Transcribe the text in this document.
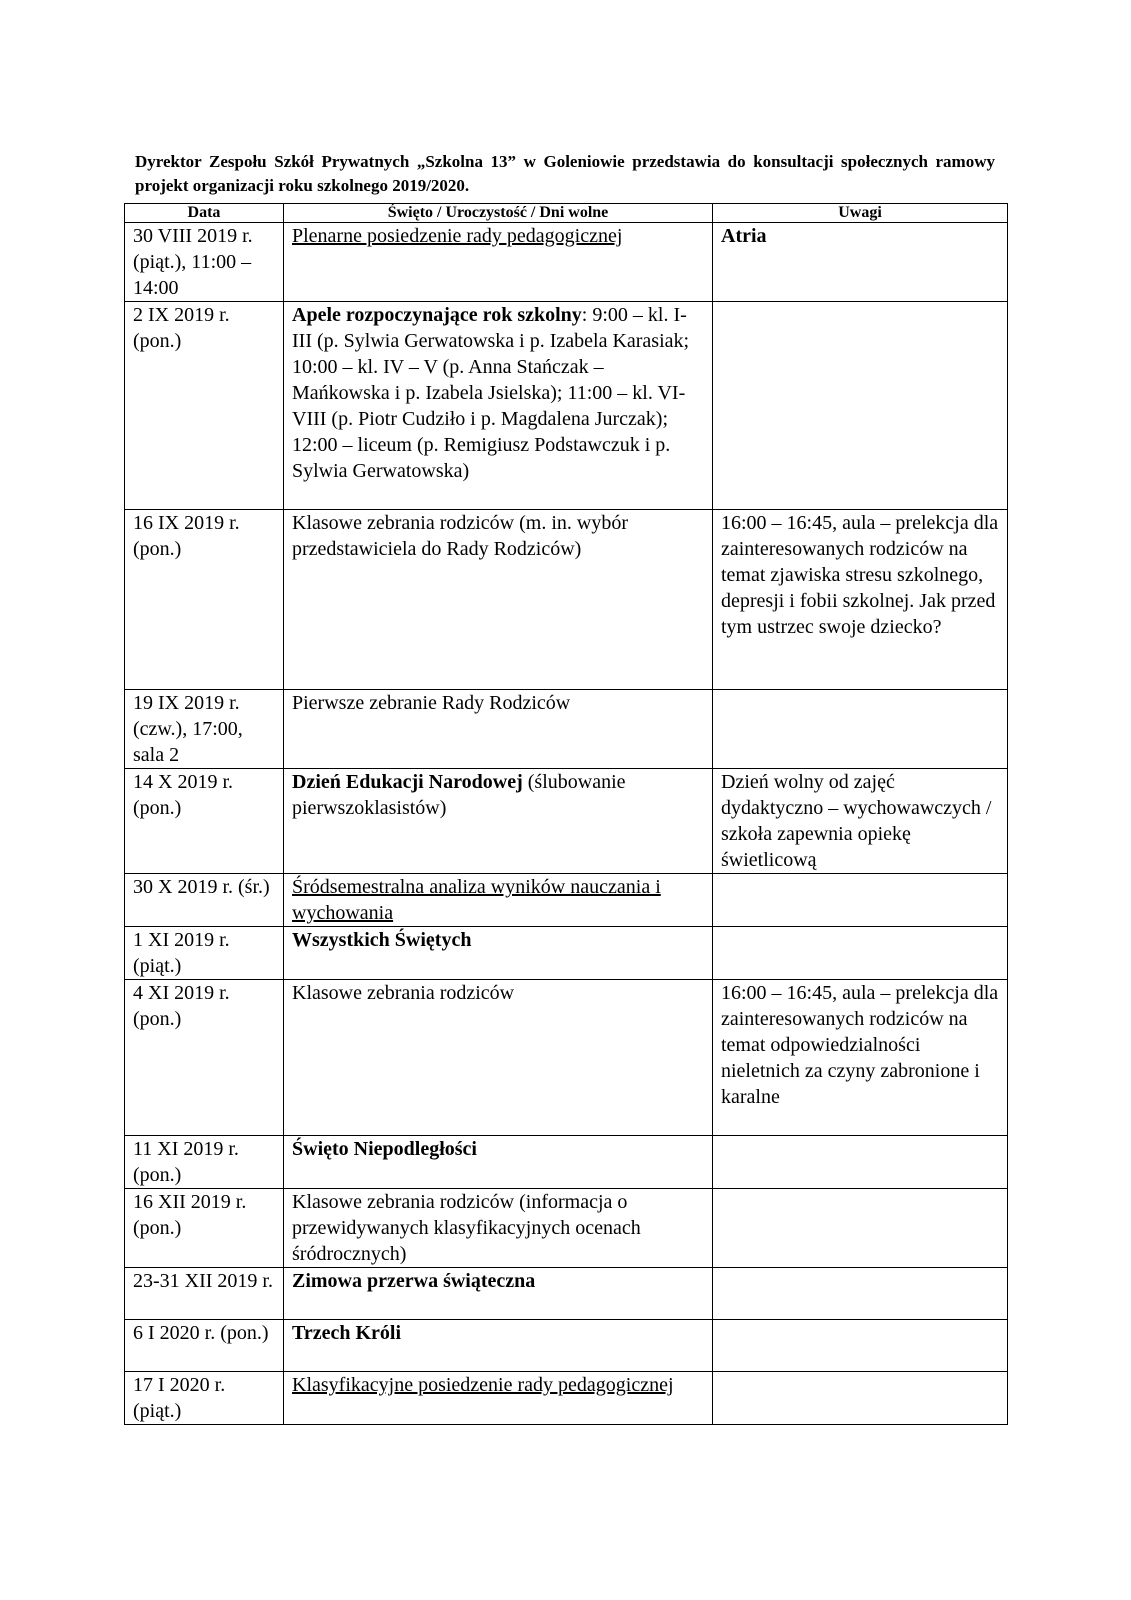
Dyrektor Zespołu Szkół Prywatnych „Szkolna 13” w Goleniowie przedstawia do konsultacji społecznych ramowy projekt organizacji roku szkolnego 2019/2020.

Data	Święto / Uroczystość / Dni wolne	Uwagi
30 VIII 2019 r. (piąt.), 11:00 – 14:00	Plenarne posiedzenie rady pedagogicznej	Atria
2 IX 2019 r. (pon.)	Apele rozpoczynające rok szkolny: 9:00 – kl. I-III (p. Sylwia Gerwatowska i p. Izabela Karasiak; 10:00 – kl. IV – V (p. Anna Stańczak – Mańkowska i p. Izabela Jsielska); 11:00 – kl. VI-VIII (p. Piotr Cudziło i p. Magdalena Jurczak); 12:00 – liceum (p. Remigiusz Podstawczuk i p. Sylwia Gerwatowska)	
16 IX 2019 r. (pon.)	Klasowe zebrania rodziców (m. in. wybór przedstawiciela do Rady Rodziców)	16:00 – 16:45, aula – prelekcja dla zainteresowanych rodziców na temat zjawiska stresu szkolnego, depresji i fobii szkolnej. Jak przed tym ustrzec swoje dziecko?
19 IX 2019 r. (czw.), 17:00, sala 2	Pierwsze zebranie Rady Rodziców	
14 X 2019 r. (pon.)	Dzień Edukacji Narodowej (ślubowanie pierwszoklasistów)	Dzień wolny od zajęć dydaktyczno – wychowawczych / szkoła zapewnia opiekę świetlicową
30 X 2019 r. (śr.)	Śródsemestralna analiza wyników nauczania i wychowania	
1 XI 2019 r. (piąt.)	Wszystkich Świętych	
4 XI 2019 r. (pon.)	Klasowe zebrania rodziców	16:00 – 16:45, aula – prelekcja dla zainteresowanych rodziców na temat odpowiedzialności nieletnich za czyny zabronione i karalne
11 XI 2019 r. (pon.)	Święto Niepodległości	
16 XII 2019 r. (pon.)	Klasowe zebrania rodziców (informacja o przewidywanych klasyfikacyjnych ocenach śródrocznych)	
23-31 XII 2019 r.	Zimowa przerwa świąteczna	
6 I 2020 r. (pon.)	Trzech Króli	
17 I 2020 r. (piąt.)	Klasyfikacyjne posiedzenie rady pedagogicznej	
